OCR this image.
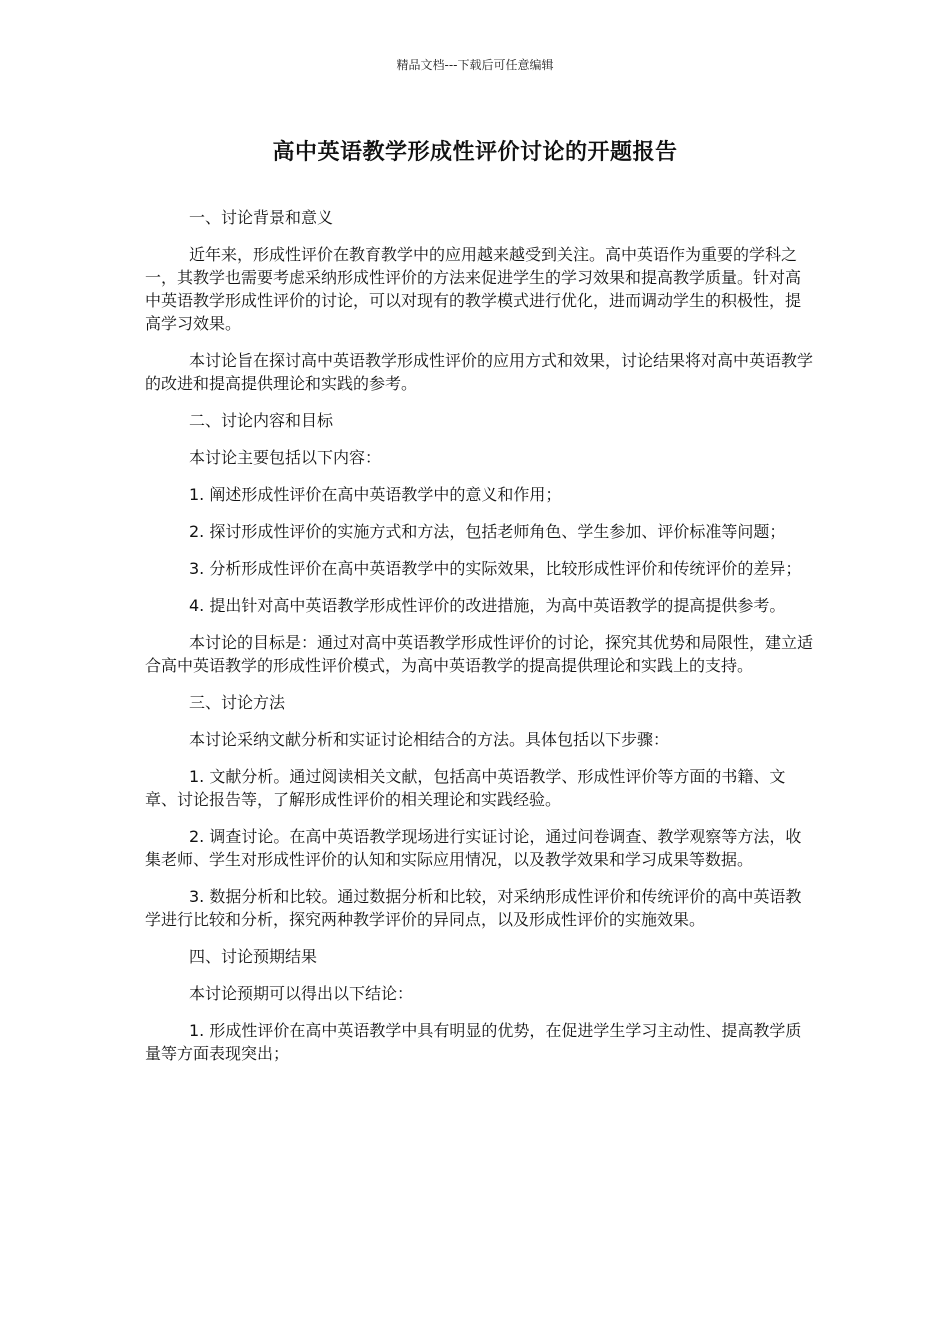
精品文档---下载后可任意编辑
高中英语教学形成性评价讨论的开题报告

一、讨论背景和意义

近年来，形成性评价在教育教学中的应用越来越受到关注。高中英语作为重要的学科之一，其教学也需要考虑采纳形成性评价的方法来促进学生的学习效果和提高教学质量。针对高中英语教学形成性评价的讨论，可以对现有的教学模式进行优化，进而调动学生的积极性，提高学习效果。

本讨论旨在探讨高中英语教学形成性评价的应用方式和效果，讨论结果将对高中英语教学的改进和提高提供理论和实践的参考。

二、讨论内容和目标

本讨论主要包括以下内容：

1. 阐述形成性评价在高中英语教学中的意义和作用；

2. 探讨形成性评价的实施方式和方法，包括老师角色、学生参加、评价标准等问题；

3. 分析形成性评价在高中英语教学中的实际效果，比较形成性评价和传统评价的差异；

4. 提出针对高中英语教学形成性评价的改进措施，为高中英语教学的提高提供参考。

本讨论的目标是：通过对高中英语教学形成性评价的讨论，探究其优势和局限性，建立适合高中英语教学的形成性评价模式，为高中英语教学的提高提供理论和实践上的支持。

三、讨论方法

本讨论采纳文献分析和实证讨论相结合的方法。具体包括以下步骤：

1. 文献分析。通过阅读相关文献，包括高中英语教学、形成性评价等方面的书籍、文章、讨论报告等，了解形成性评价的相关理论和实践经验。

2. 调查讨论。在高中英语教学现场进行实证讨论，通过问卷调查、教学观察等方法，收集老师、学生对形成性评价的认知和实际应用情况，以及教学效果和学习成果等数据。

3. 数据分析和比较。通过数据分析和比较，对采纳形成性评价和传统评价的高中英语教学进行比较和分析，探究两种教学评价的异同点，以及形成性评价的实施效果。

四、讨论预期结果

本讨论预期可以得出以下结论：

1. 形成性评价在高中英语教学中具有明显的优势，在促进学生学习主动性、提高教学质量等方面表现突出；
